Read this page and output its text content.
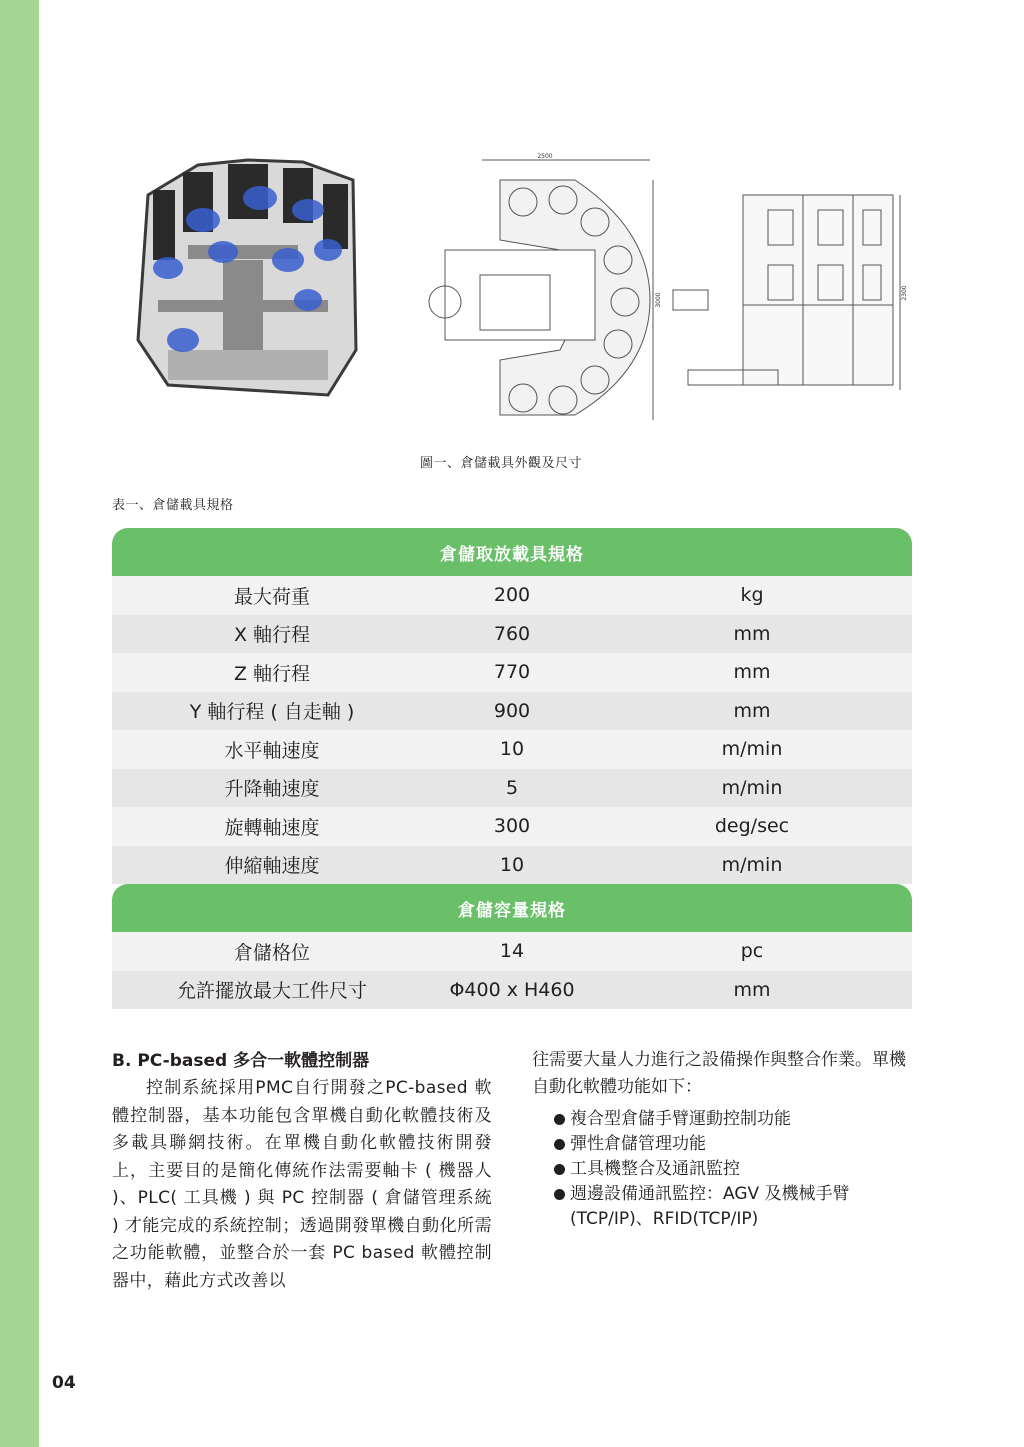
2500
3000	2300
圖一、倉儲載具外觀及尺寸
表一、倉儲載具規格
倉儲取放載具規格
最大荷重	200	kg
X 軸行程	760	mm
Z 軸行程	770	mm
Y 軸行程 ( 自走軸 )	900	mm
水平軸速度	10	m/min
升降軸速度	5	m/min
旋轉軸速度	300	deg/sec
伸縮軸速度	10	m/min
倉儲容量規格
倉儲格位	14	pc
允許擺放最大工件尺寸	Φ400 x H460	mm
B. PC-based 多合一軟體控制器

控制系統採用PMC自行開發之PC-based 軟體控制器，基本功能包含單機自動化軟體技術及多載具聯網技術。在單機自動化軟體技術開發上，主要目的是簡化傳統作法需要軸卡 ( 機器人 )、PLC( 工具機 ) 與 PC 控制器 ( 倉儲管理系統 ) 才能完成的系統控制；透過開發單機自動化所需之功能軟體，並整合於一套 PC based 軟體控制器中，藉此方式改善以

往需要大量人力進行之設備操作與整合作業。單機自動化軟體功能如下：

複合型倉儲手臂運動控制功能
彈性倉儲管理功能
工具機整合及通訊監控
週邊設備通訊監控：AGV 及機械手臂 (TCP/IP)、RFID(TCP/IP)
04
